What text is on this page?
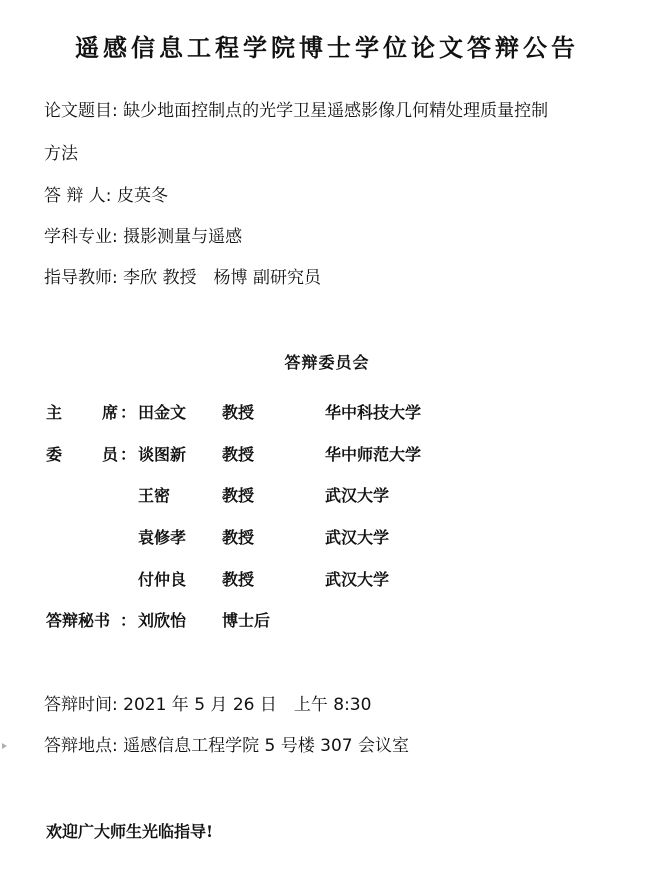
遥感信息工程学院博士学位论文答辩公告
论文题目: 缺少地面控制点的光学卫星遥感影像几何精处理质量控制
方法
答 辩 人: 皮英冬
学科专业: 摄影测量与遥感
指导教师: 李欣 教授　杨博 副研究员
答辩委员会
主 席 ： 田金文 教授	华中科技大学
委 员 ： 谈图新 教授	华中师范大学
王密	教授	武汉大学
袁修孝 教授	武汉大学
付仲良 教授	武汉大学
答辩秘书 ： 刘欣怡 博士后
答辩时间: 2021 年 5 月 26 日　上午 8:30
答辩地点: 遥感信息工程学院 5 号楼 307 会议室
欢迎广大师生光临指导!
